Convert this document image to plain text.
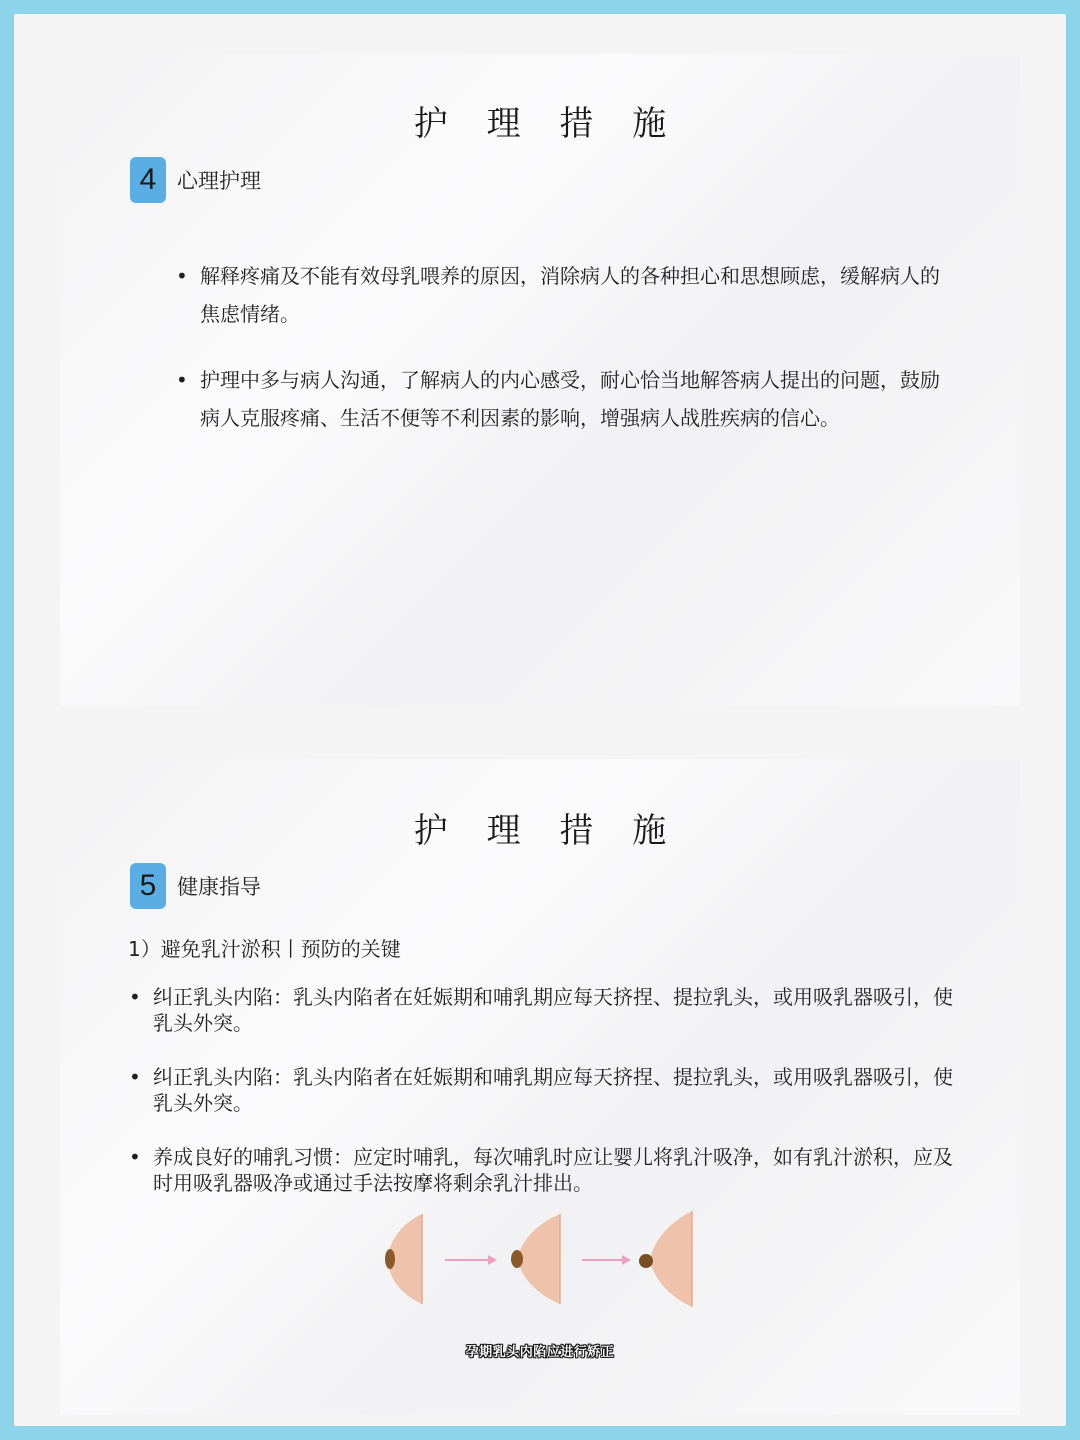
护 理 措 施
4 心理护理
• 解释疼痛及不能有效母乳喂养的原因，消除病人的各种担心和思想顾虑，缓解病人的焦虑情绪。
• 护理中多与病人沟通，了解病人的内心感受，耐心恰当地解答病人提出的问题，鼓励病人克服疼痛、生活不便等不利因素的影响，增强病人战胜疾病的信心。
护 理 措 施
5 健康指导
1）避免乳汁淤积丨预防的关键
• 纠正乳头内陷：乳头内陷者在妊娠期和哺乳期应每天挤捏、提拉乳头，或用吸乳器吸引，使乳头外突。
• 纠正乳头内陷：乳头内陷者在妊娠期和哺乳期应每天挤捏、提拉乳头，或用吸乳器吸引，使乳头外突。
• 养成良好的哺乳习惯：应定时哺乳，每次哺乳时应让婴儿将乳汁吸净，如有乳汁淤积，应及时用吸乳器吸净或通过手法按摩将剩余乳汁排出。
孕期乳头内陷应进行矫正
